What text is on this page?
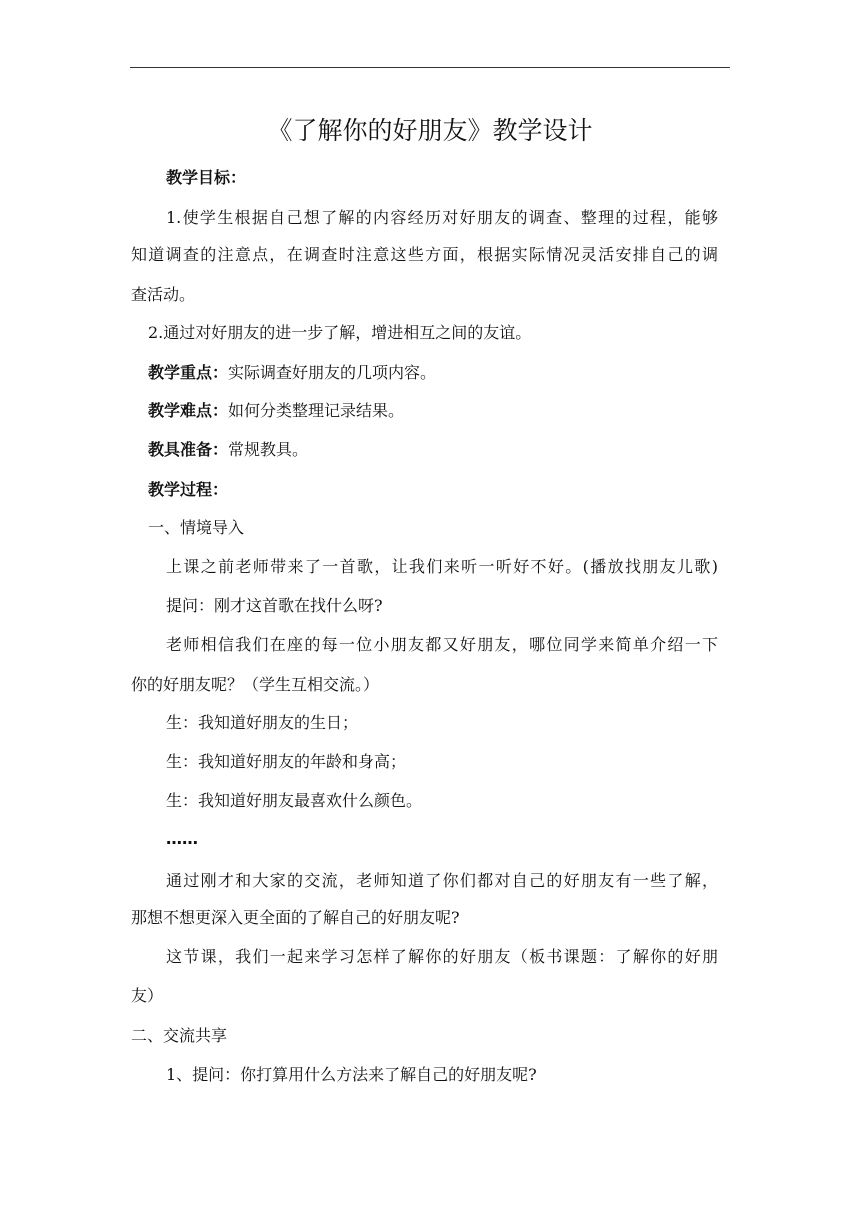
《了解你的好朋友》教学设计

教学目标：

1.使学生根据自己想了解的内容经历对好朋友的调查、整理的过程，能够

知道调查的注意点，在调查时注意这些方面，根据实际情况灵活安排自己的调

查活动。

2.通过对好朋友的进一步了解，增进相互之间的友谊。

教学重点：实际调查好朋友的几项内容。

教学难点：如何分类整理记录结果。

教具准备：常规教具。

教学过程：

一、情境导入

上课之前老师带来了一首歌，让我们来听一听好不好。(播放找朋友儿歌)

提问：刚才这首歌在找什么呀?

老师相信我们在座的每一位小朋友都又好朋友，哪位同学来简单介绍一下

你的好朋友呢？（学生互相交流。）

生：我知道好朋友的生日；

生：我知道好朋友的年龄和身高；

生：我知道好朋友最喜欢什么颜色。

……

通过刚才和大家的交流，老师知道了你们都对自己的好朋友有一些了解，

那想不想更深入更全面的了解自己的好朋友呢?

这节课，我们一起来学习怎样了解你的好朋友（板书课题：了解你的好朋

友）

二、交流共享

1、提问：你打算用什么方法来了解自己的好朋友呢?
